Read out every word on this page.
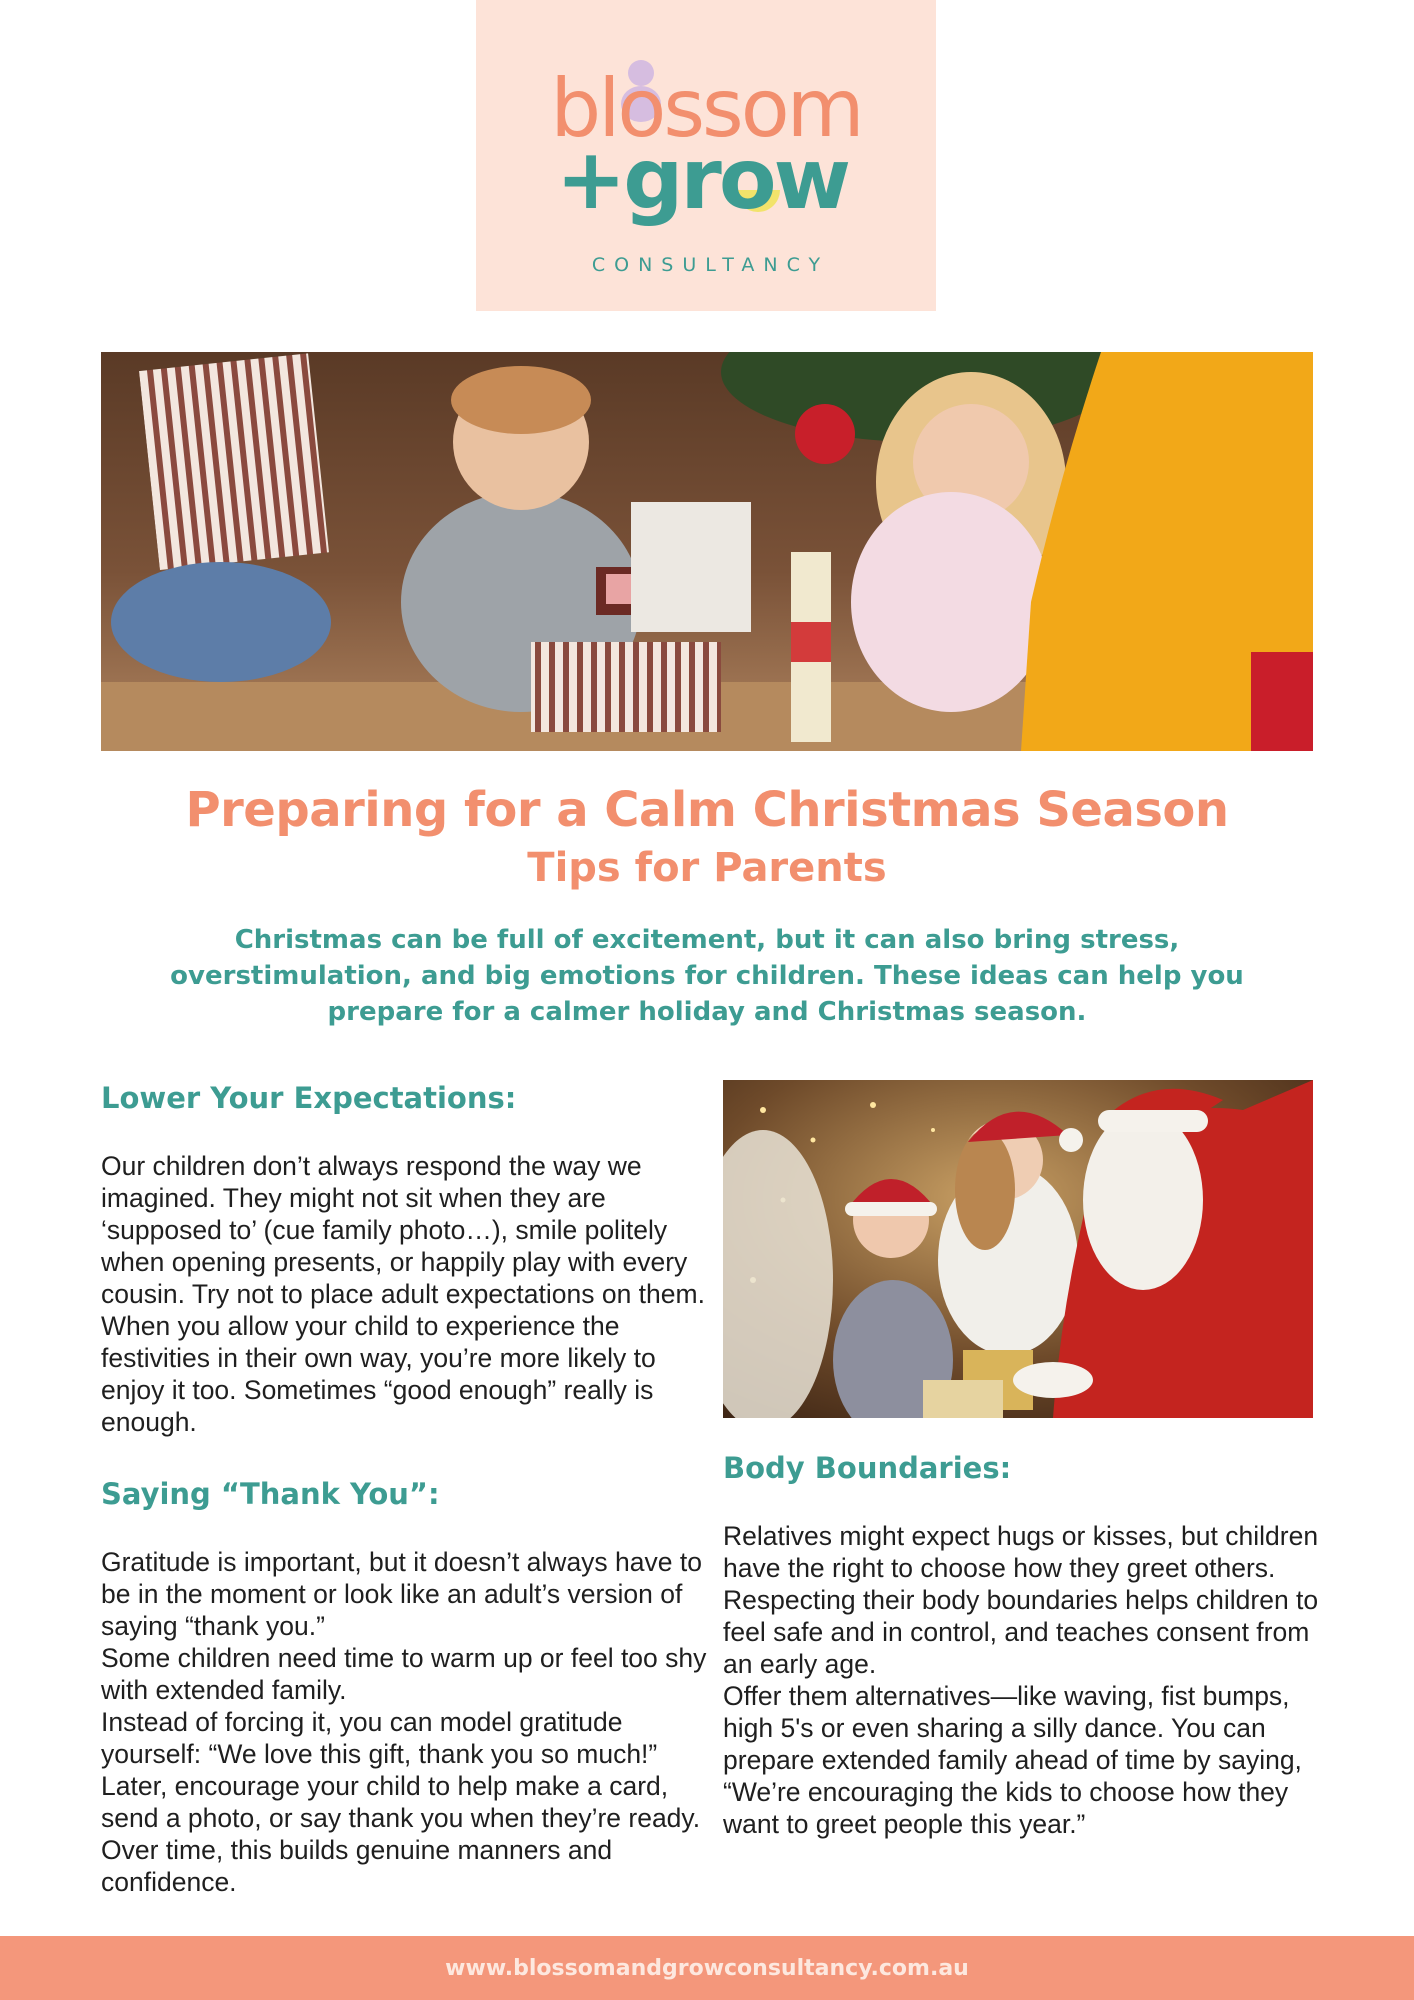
blossom
+grow
CONSULTANCY
Preparing for a Calm Christmas Season
Tips for Parents

Christmas can be full of excitement, but it can also bring stress, overstimulation, and big emotions for children. These ideas can help you prepare for a calmer holiday and Christmas season.

Lower Your Expectations:

Our children don’t always respond the way we imagined. They might not sit when they are ‘supposed to’ (cue family photo…), smile politely when opening presents, or happily play with every cousin. Try not to place adult expectations on them.

When you allow your child to experience the festivities in their own way, you’re more likely to enjoy it too. Sometimes “good enough” really is enough.

Saying “Thank You”:

Gratitude is important, but it doesn’t always have to be in the moment or look like an adult’s version of saying “thank you.”

Some children need time to warm up or feel too shy with extended family.

Instead of forcing it, you can model gratitude yourself: “We love this gift, thank you so much!” Later, encourage your child to help make a card, send a photo, or say thank you when they’re ready. Over time, this builds genuine manners and confidence.

Body Boundaries:

Relatives might expect hugs or kisses, but children have the right to choose how they greet others.

Respecting their body boundaries helps children to feel safe and in control, and teaches consent from an early age.

Offer them alternatives—like waving, fist bumps, high 5's or even sharing a silly dance. You can prepare extended family ahead of time by saying, “We’re encouraging the kids to choose how they want to greet people this year.”

www.blossomandgrowconsultancy.com.au
